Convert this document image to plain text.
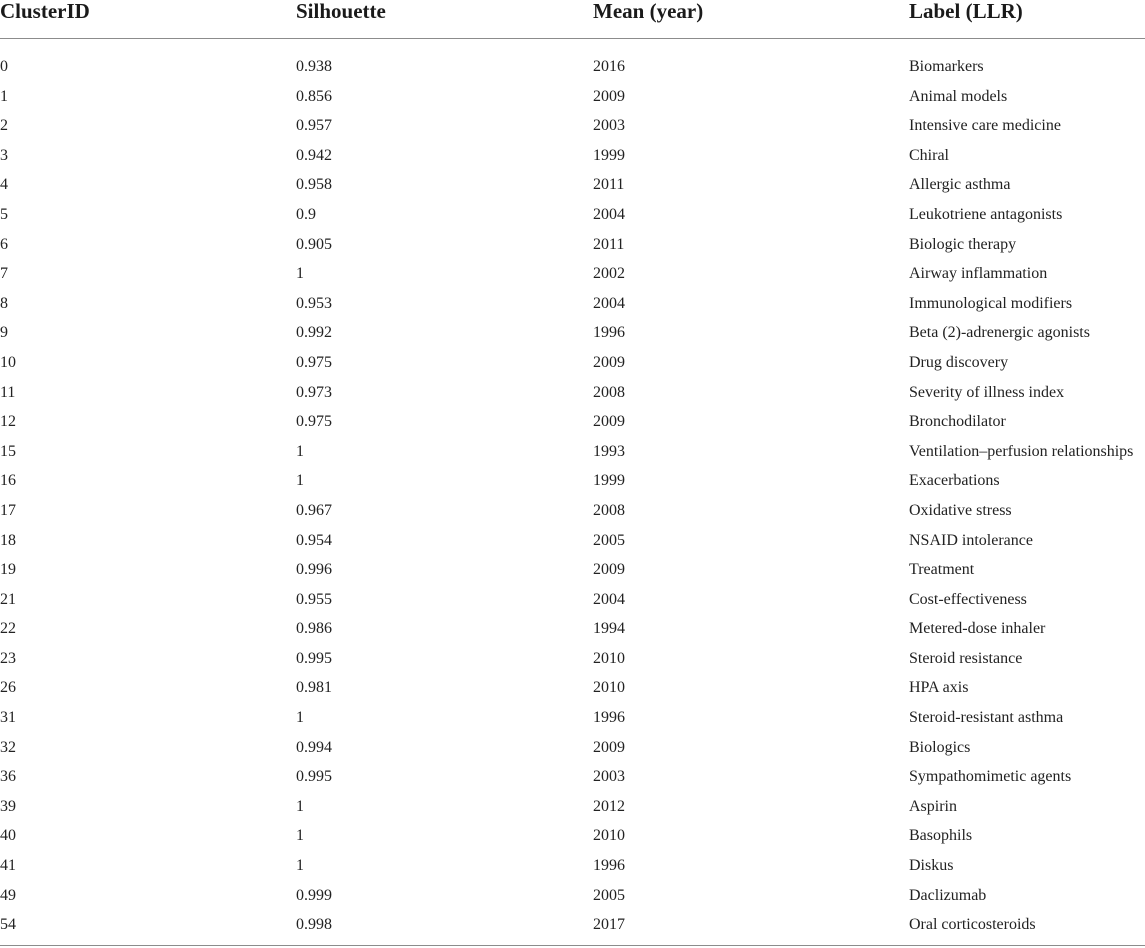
ClusterID	Silhouette	Mean (year)	Label (LLR)
0	0.938	2016	Biomarkers
1	0.856	2009	Animal models
2	0.957	2003	Intensive care medicine
3	0.942	1999	Chiral
4	0.958	2011	Allergic asthma
5	0.9	2004	Leukotriene antagonists
6	0.905	2011	Biologic therapy
7	1	2002	Airway inflammation
8	0.953	2004	Immunological modifiers
9	0.992	1996	Beta (2)-adrenergic agonists
10	0.975	2009	Drug discovery
11	0.973	2008	Severity of illness index
12	0.975	2009	Bronchodilator
15	1	1993	Ventilation–perfusion relationships
16	1	1999	Exacerbations
17	0.967	2008	Oxidative stress
18	0.954	2005	NSAID intolerance
19	0.996	2009	Treatment
21	0.955	2004	Cost-effectiveness
22	0.986	1994	Metered-dose inhaler
23	0.995	2010	Steroid resistance
26	0.981	2010	HPA axis
31	1	1996	Steroid-resistant asthma
32	0.994	2009	Biologics
36	0.995	2003	Sympathomimetic agents
39	1	2012	Aspirin
40	1	2010	Basophils
41	1	1996	Diskus
49	0.999	2005	Daclizumab
54	0.998	2017	Oral corticosteroids
